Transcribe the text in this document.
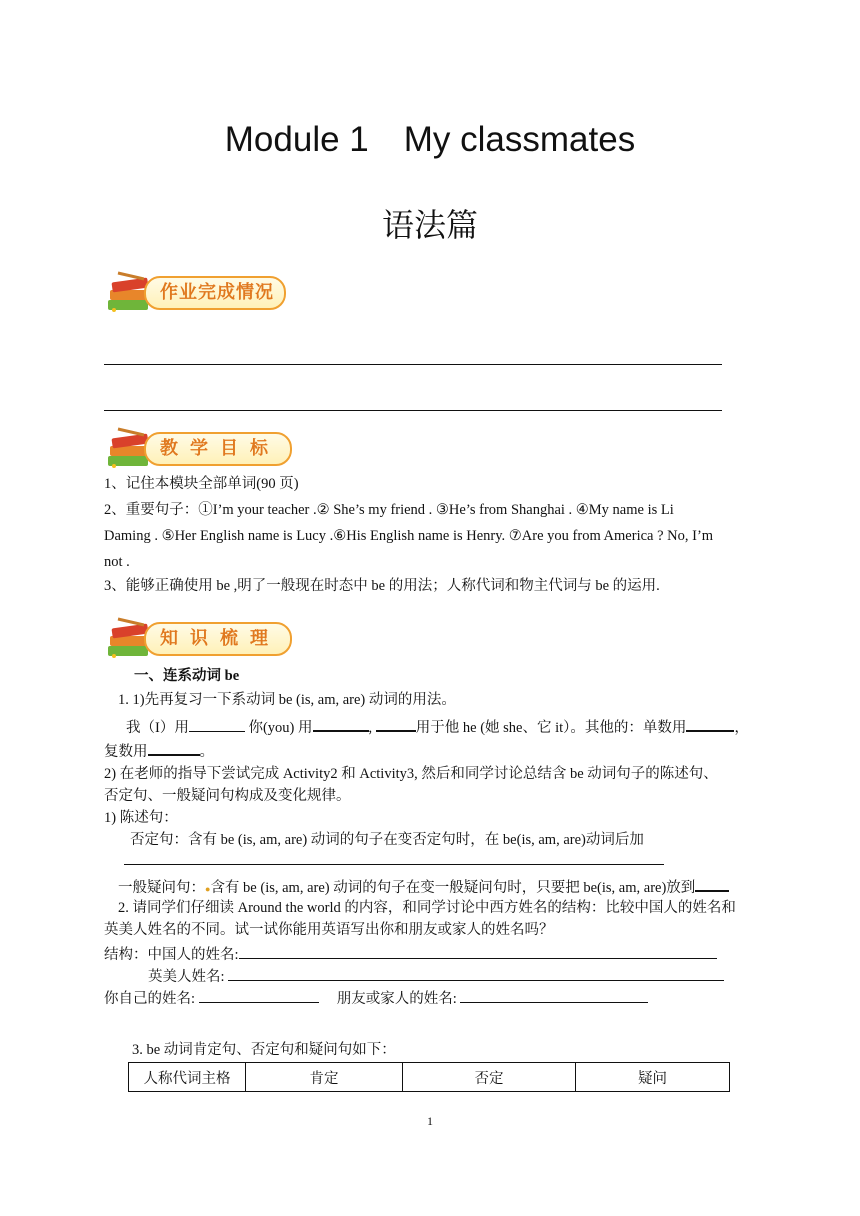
Module 1　My classmates
语法篇
作业完成情况
教学目标
1、记住本模块全部单词(90 页)
2、重要句子：①I’m your teacher .② She’s my friend . ③He’s from Shanghai . ④My name is Li
Daming . ⑤Her English name is Lucy .⑥His English name is Henry. ⑦Are you from America ? No, I’m
not .
3、能够正确使用 be ,明了一般现在时态中 be 的用法；人称代词和物主代词与 be 的运用.
知识梳理
一、连系动词 be
1. 1)先再复习一下系动词 be (is, am, are) 动词的用法。
我（I）用	你(you) 用	,	用于他 he (她 she、它 it）。其他的：单数用	，
复数用	。
2) 在老师的指导下尝试完成 Activity2 和 Activity3, 然后和同学讨论总结含 be 动词句子的陈述句、
否定句、一般疑问句构成及变化规律。
1) 陈述句：
否定句：含有 be (is, am, are) 动词的句子在变否定句时，在 be(is, am, are)动词后加
一般疑问句：●含有 be (is, am, are) 动词的句子在变一般疑问句时，只要把 be(is, am, are)放到
2. 请同学们仔细读 Around the world 的内容，和同学讨论中西方姓名的结构：比较中国人的姓名和
英美人姓名的不同。试一试你能用英语写出你和朋友或家人的姓名吗？
结构：中国人的姓名:
英美人姓名:
你自己的姓名:	朋友或家人的姓名:
3. be 动词肯定句、否定句和疑问句如下：
人称代词主格	肯定	否定	疑问
1
